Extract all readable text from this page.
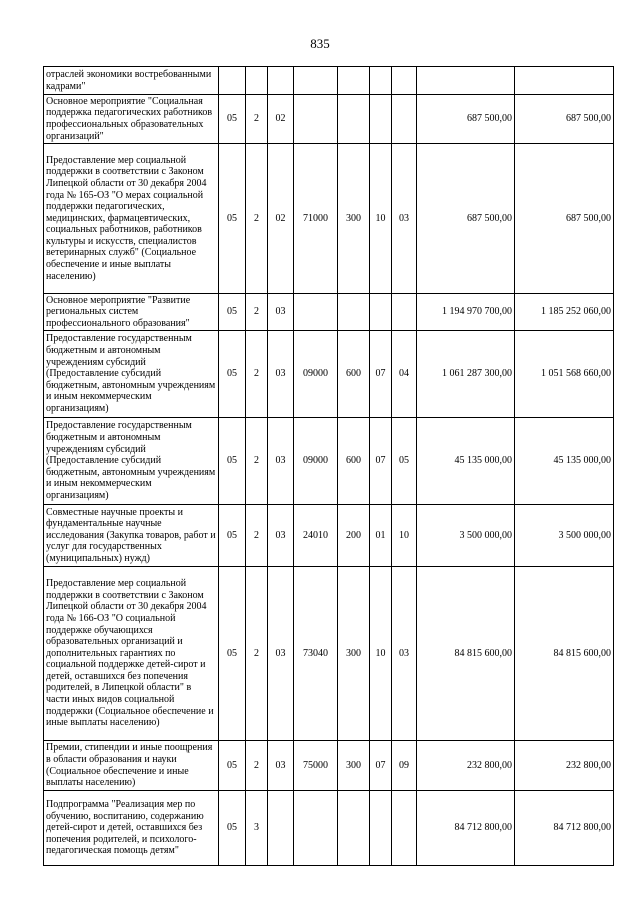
835
отраслей экономики востребованными кадрами"									
Основное мероприятие "Социальная поддержка педагогических работников профессиональных образовательных организаций"	05	2	02					687 500,00	687 500,00
Предоставление мер социальной поддержки в соответствии с Законом Липецкой области от 30 декабря 2004 года № 165-ОЗ "О мерах социальной поддержки педагогических, медицинских, фармацевтических, социальных работников, работников культуры и искусств, специалистов ветеринарных служб" (Социальное обеспечение и иные выплаты населению)	05	2	02	71000	300	10	03	687 500,00	687 500,00
Основное мероприятие "Развитие региональных систем профессионального образования"	05	2	03					1 194 970 700,00	1 185 252 060,00
Предоставление государственным бюджетным и автономным учреждениям субсидий (Предоставление субсидий бюджетным, автономным учреждениям и иным некоммерческим организациям)	05	2	03	09000	600	07	04	1 061 287 300,00	1 051 568 660,00
Предоставление государственным бюджетным и автономным учреждениям субсидий (Предоставление субсидий бюджетным, автономным учреждениям и иным некоммерческим организациям)	05	2	03	09000	600	07	05	45 135 000,00	45 135 000,00
Совместные научные проекты и фундаментальные научные исследования (Закупка товаров, работ и услуг для государственных (муниципальных) нужд)	05	2	03	24010	200	01	10	3 500 000,00	3 500 000,00
Предоставление мер социальной поддержки в соответствии с Законом Липецкой области от 30 декабря 2004 года № 166-ОЗ "О социальной поддержке обучающихся образовательных организаций и дополнительных гарантиях по социальной поддержке детей-сирот и детей, оставшихся без попечения родителей, в Липецкой области" в части иных видов социальной поддержки (Социальное обеспечение и иные выплаты населению)	05	2	03	73040	300	10	03	84 815 600,00	84 815 600,00
Премии, стипендии и иные поощрения в области образования и науки (Социальное обеспечение и иные выплаты населению)	05	2	03	75000	300	07	09	232 800,00	232 800,00
Подпрограмма "Реализация мер по обучению, воспитанию, содержанию детей-сирот и детей, оставшихся без попечения родителей, и психолого-педагогическая помощь детям"	05	3						84 712 800,00	84 712 800,00
